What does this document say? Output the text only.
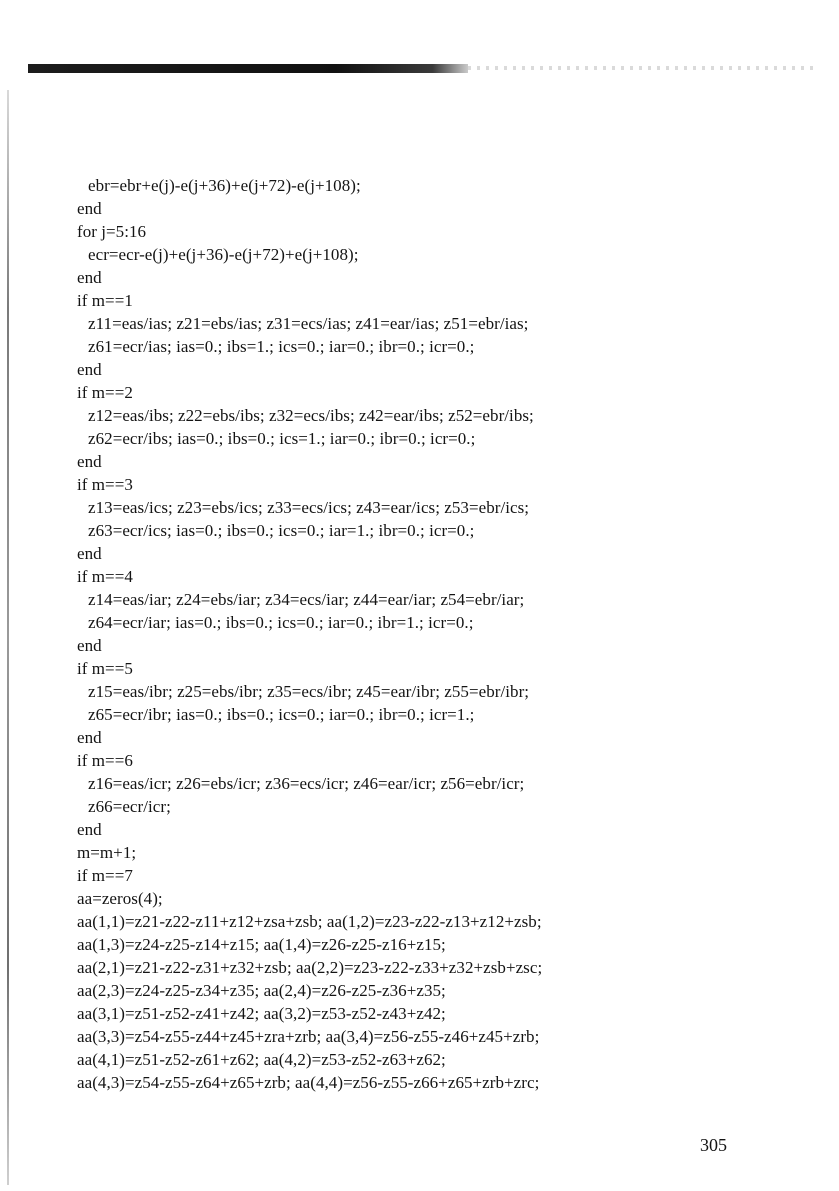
ebr=ebr+e(j)-e(j+36)+e(j+72)-e(j+108);
end
for j=5:16
ecr=ecr-e(j)+e(j+36)-e(j+72)+e(j+108);
end
if m==1
z11=eas/ias; z21=ebs/ias; z31=ecs/ias; z41=ear/ias; z51=ebr/ias;
z61=ecr/ias; ias=0.; ibs=1.; ics=0.; iar=0.; ibr=0.; icr=0.;
end
if m==2
z12=eas/ibs; z22=ebs/ibs; z32=ecs/ibs; z42=ear/ibs; z52=ebr/ibs;
z62=ecr/ibs; ias=0.; ibs=0.; ics=1.; iar=0.; ibr=0.; icr=0.;
end
if m==3
z13=eas/ics; z23=ebs/ics; z33=ecs/ics; z43=ear/ics; z53=ebr/ics;
z63=ecr/ics; ias=0.; ibs=0.; ics=0.; iar=1.; ibr=0.; icr=0.;
end
if m==4
z14=eas/iar; z24=ebs/iar; z34=ecs/iar; z44=ear/iar; z54=ebr/iar;
z64=ecr/iar; ias=0.; ibs=0.; ics=0.; iar=0.; ibr=1.; icr=0.;
end
if m==5
z15=eas/ibr; z25=ebs/ibr; z35=ecs/ibr; z45=ear/ibr; z55=ebr/ibr;
z65=ecr/ibr; ias=0.; ibs=0.; ics=0.; iar=0.; ibr=0.; icr=1.;
end
if m==6
z16=eas/icr; z26=ebs/icr; z36=ecs/icr; z46=ear/icr; z56=ebr/icr;
z66=ecr/icr;
end
m=m+1;
if m==7
aa=zeros(4);
aa(1,1)=z21-z22-z11+z12+zsa+zsb; aa(1,2)=z23-z22-z13+z12+zsb;
aa(1,3)=z24-z25-z14+z15; aa(1,4)=z26-z25-z16+z15;
aa(2,1)=z21-z22-z31+z32+zsb; aa(2,2)=z23-z22-z33+z32+zsb+zsc;
aa(2,3)=z24-z25-z34+z35; aa(2,4)=z26-z25-z36+z35;
aa(3,1)=z51-z52-z41+z42; aa(3,2)=z53-z52-z43+z42;
aa(3,3)=z54-z55-z44+z45+zra+zrb; aa(3,4)=z56-z55-z46+z45+zrb;
aa(4,1)=z51-z52-z61+z62; aa(4,2)=z53-z52-z63+z62;
aa(4,3)=z54-z55-z64+z65+zrb; aa(4,4)=z56-z55-z66+z65+zrb+zrc;
305
